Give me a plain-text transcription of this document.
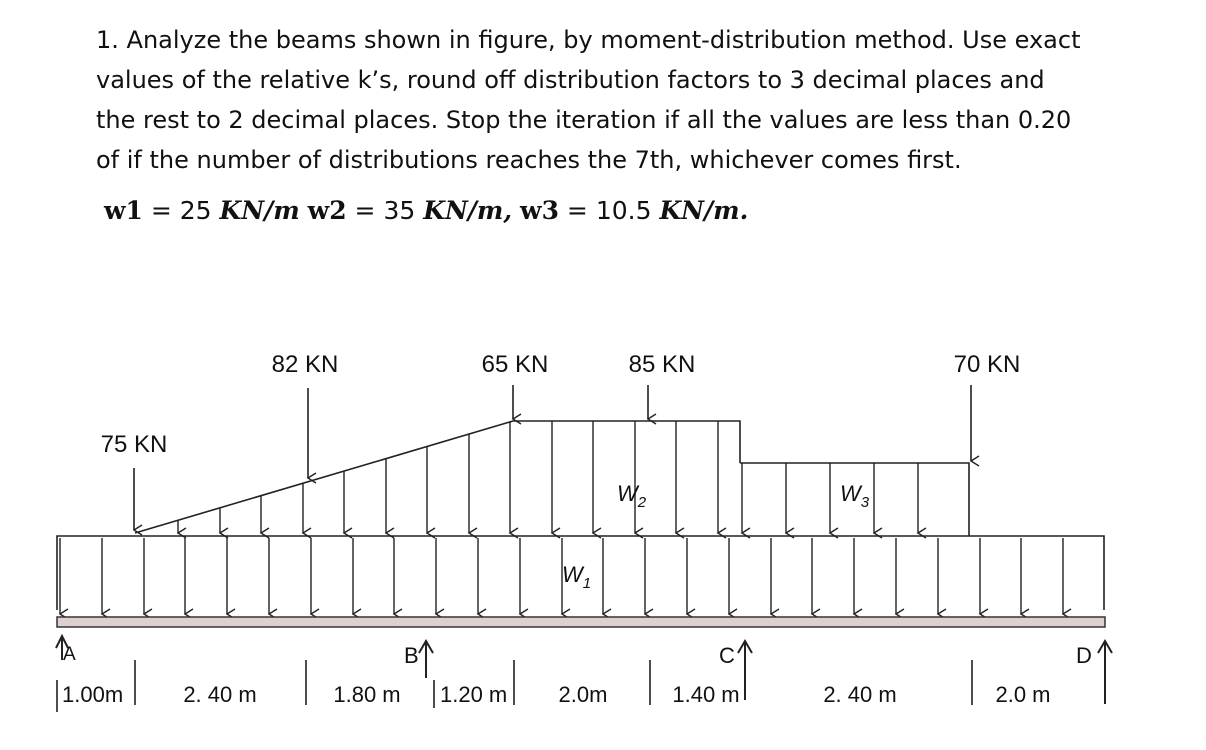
1. Analyze the beams shown in figure, by moment-distribution method. Use exact

values of the relative k’s, round off distribution factors to 3 decimal places and

the rest to 2 decimal places. Stop the iteration if all the values are less than 0.20

of if the number of distributions reaches the 7th, whichever comes first.

w1 = 25 KN/m w2 = 35 KN/m, w3 = 10.5 KN/m.
75 KN
82 KN	65 KN	85 KN	70 KN
$W_1$
$W_2$	$W_3$
A	B	C	D
1.00m	2. 40 m	1.80 m 1.20 m 2.0m	1.40 m	2. 40 m	2.0 m
